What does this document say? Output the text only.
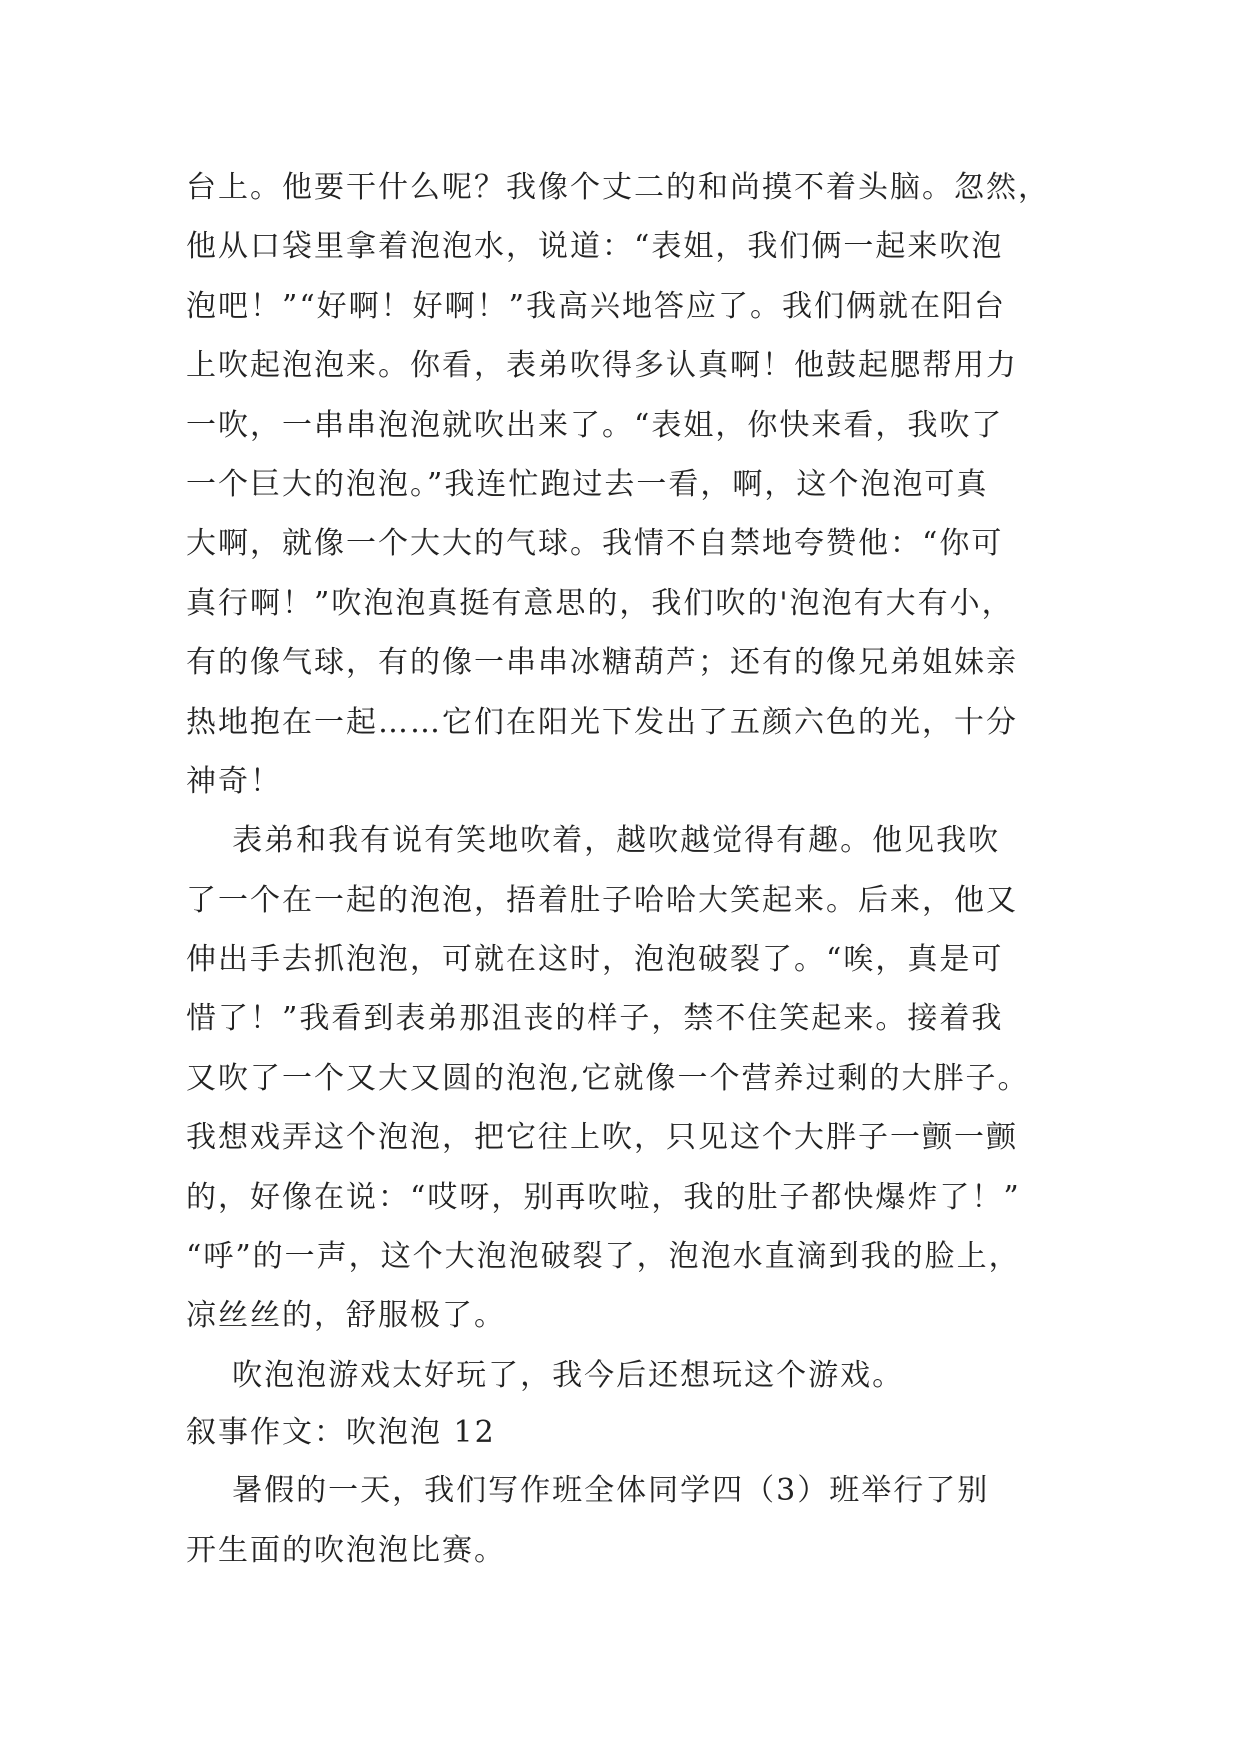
台上。他要干什么呢？我像个丈二的和尚摸不着头脑。忽然，
他从口袋里拿着泡泡水，说道：“表姐，我们俩一起来吹泡
泡吧！”“好啊！好啊！”我高兴地答应了。我们俩就在阳台
上吹起泡泡来。你看，表弟吹得多认真啊！他鼓起腮帮用力
一吹，一串串泡泡就吹出来了。“表姐，你快来看，我吹了
一个巨大的泡泡。”我连忙跑过去一看，啊，这个泡泡可真
大啊，就像一个大大的气球。我情不自禁地夸赞他：“你可
真行啊！”吹泡泡真挺有意思的，我们吹的'泡泡有大有小，
有的像气球，有的像一串串冰糖葫芦；还有的像兄弟姐妹亲
热地抱在一起……它们在阳光下发出了五颜六色的光，十分
神奇！
表弟和我有说有笑地吹着，越吹越觉得有趣。他见我吹
了一个在一起的泡泡，捂着肚子哈哈大笑起来。后来，他又
伸出手去抓泡泡，可就在这时，泡泡破裂了。“唉，真是可
惜了！”我看到表弟那沮丧的样子，禁不住笑起来。接着我
又吹了一个又大又圆的泡泡,它就像一个营养过剩的大胖子。
我想戏弄这个泡泡，把它往上吹，只见这个大胖子一颤一颤
的，好像在说：“哎呀，别再吹啦，我的肚子都快爆炸了！”
“呼”的一声，这个大泡泡破裂了，泡泡水直滴到我的脸上，
凉丝丝的，舒服极了。
吹泡泡游戏太好玩了，我今后还想玩这个游戏。
叙事作文：吹泡泡 12
暑假的一天，我们写作班全体同学四（3）班举行了别
开生面的吹泡泡比赛。
